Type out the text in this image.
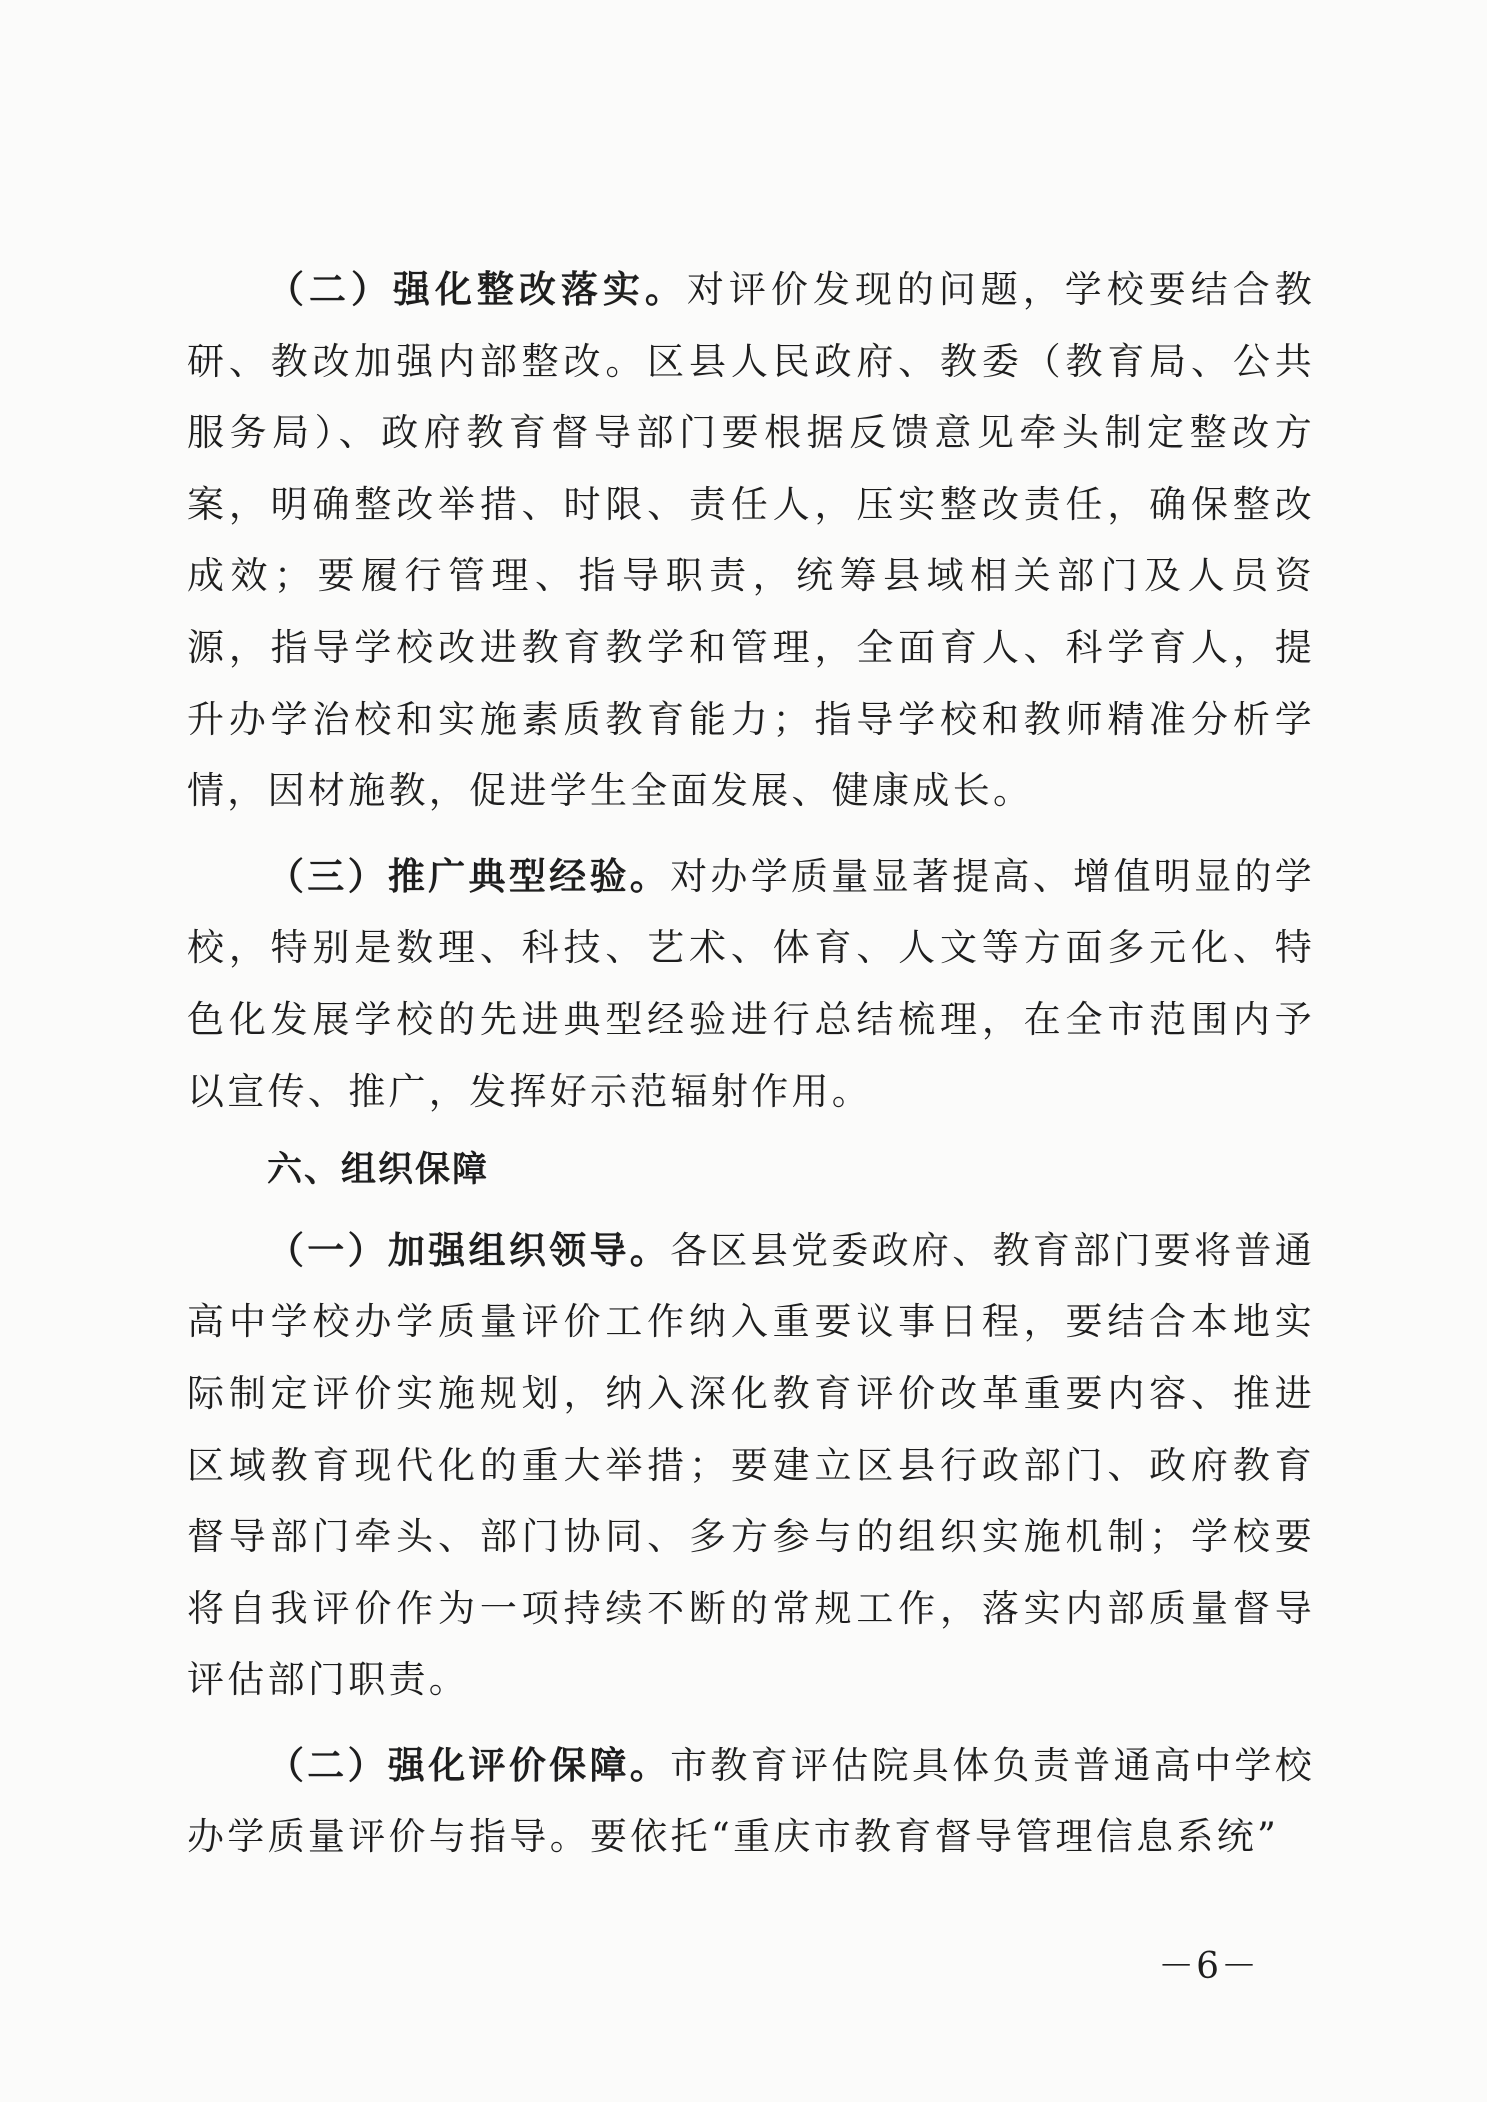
（二）强化整改落实。对评价发现的问题，学校要结合教研、教改加强内部整改。区县人民政府、教委（教育局、公共服务局）、政府教育督导部门要根据反馈意见牵头制定整改方案，明确整改举措、时限、责任人，压实整改责任，确保整改成效；要履行管理、指导职责，统筹县域相关部门及人员资源，指导学校改进教育教学和管理，全面育人、科学育人，提升办学治校和实施素质教育能力；指导学校和教师精准分析学情，因材施教，促进学生全面发展、健康成长。

（三）推广典型经验。对办学质量显著提高、增值明显的学校，特别是数理、科技、艺术、体育、人文等方面多元化、特色化发展学校的先进典型经验进行总结梳理，在全市范围内予以宣传、推广，发挥好示范辐射作用。

六、组织保障

（一）加强组织领导。各区县党委政府、教育部门要将普通高中学校办学质量评价工作纳入重要议事日程，要结合本地实际制定评价实施规划，纳入深化教育评价改革重要内容、推进区域教育现代化的重大举措；要建立区县行政部门、政府教育督导部门牵头、部门协同、多方参与的组织实施机制；学校要将自我评价作为一项持续不断的常规工作，落实内部质量督导评估部门职责。

（二）强化评价保障。市教育评估院具体负责普通高中学校办学质量评价与指导。要依托“重庆市教育督导管理信息系统”

－6－
